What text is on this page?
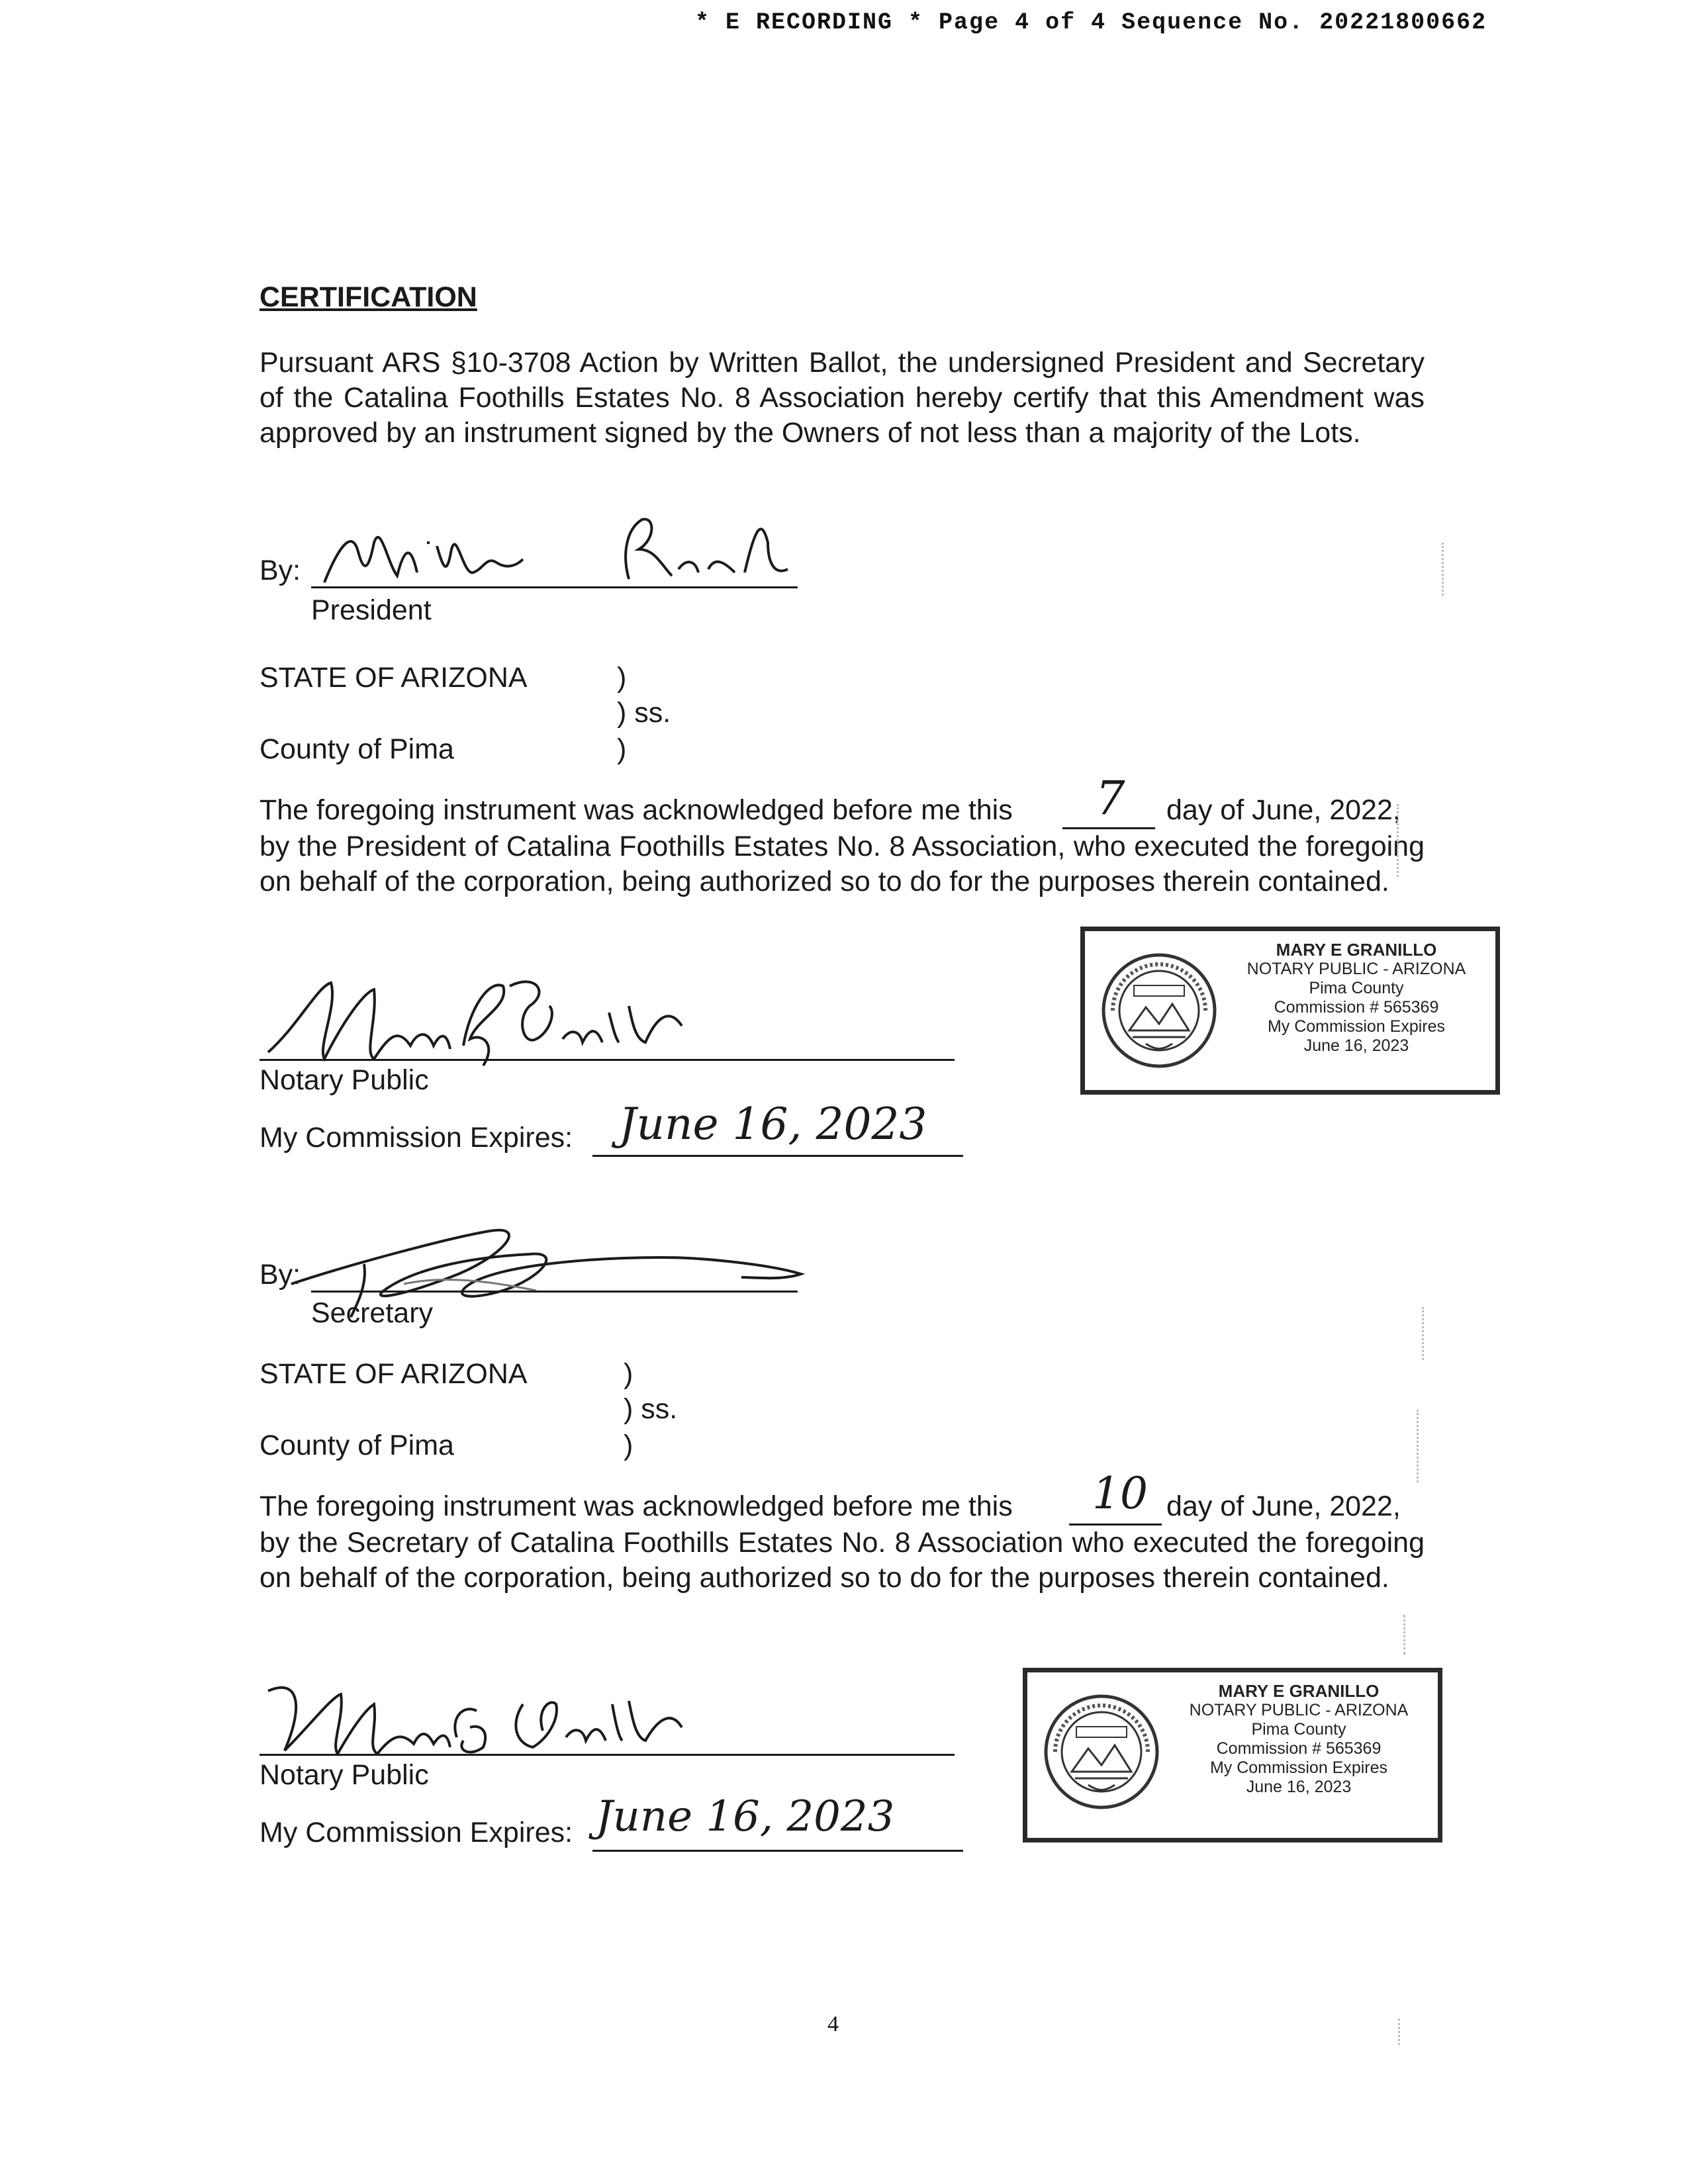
* E RECORDING * Page 4 of 4 Sequence No. 20221800662
CERTIFICATION
Pursuant ARS §10-3708 Action by Written Ballot, the undersigned President and Secretary of the Catalina Foothills Estates No. 8 Association hereby certify that this Amendment was approved by an instrument signed by the Owners of not less than a majority of the Lots.
By:
President
STATE OF ARIZONA	)
) ss.
County of Pima	)
The foregoing instrument was acknowledged before me this 7 day of June, 2022,
by the President of Catalina Foothills Estates No. 8 Association, who executed the foregoing on behalf of the corporation, being authorized so to do for the purposes therein contained.
Notary Public
My Commission Expires: June 16, 2023
MARY E GRANILLO
NOTARY PUBLIC - ARIZONA
Pima County
Commission # 565369
My Commission Expires
June 16, 2023
By:
Secretary
STATE OF ARIZONA	)
) ss.
County of Pima	)
The foregoing instrument was acknowledged before me this 10 day of June, 2022,
by the Secretary of Catalina Foothills Estates No. 8 Association who executed the foregoing on behalf of the corporation, being authorized so to do for the purposes therein contained.
Notary Public
My Commission Expires: June 16, 2023
MARY E GRANILLO
NOTARY PUBLIC - ARIZONA
Pima County
Commission # 565369
My Commission Expires
June 16, 2023
4
